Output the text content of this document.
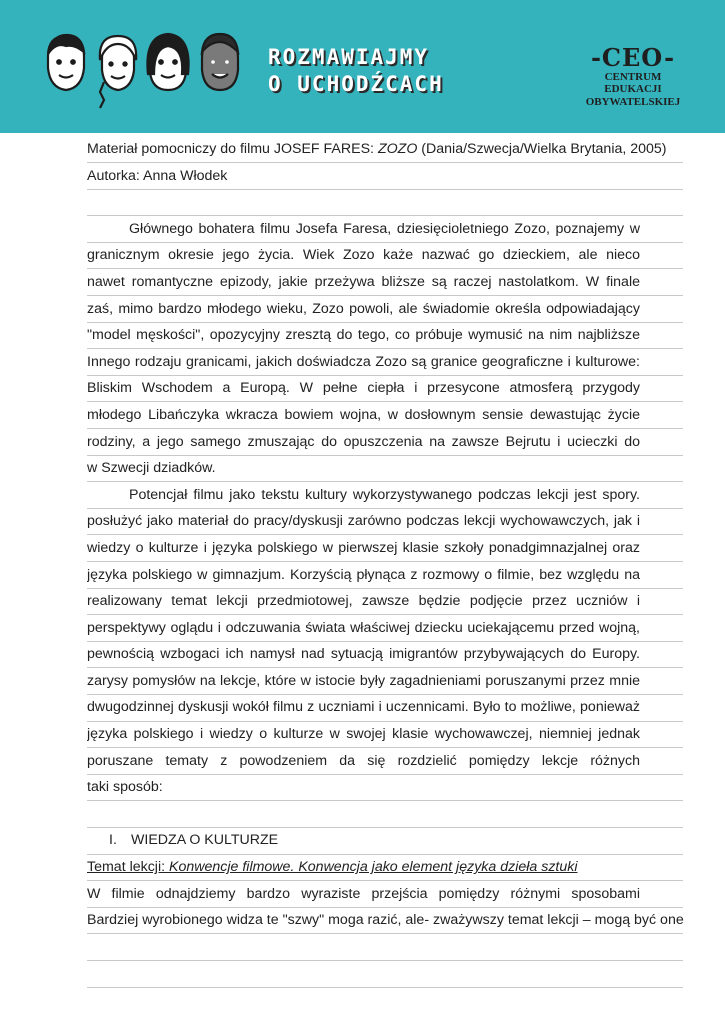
ROZMAWIAJMY
O UCHODŹCACH
-CEO-
CENTRUM EDUKACJI
OBYWATELSKIEJ
Materiał pomocniczy do filmu JOSEF FARES: ZOZO (Dania/Szwecja/Wielka Brytania, 2005)
Autorka: Anna Włodek
Głównego bohatera filmu Josefa Faresa, dziesięcioletniego Zozo, poznajemy w
granicznym okresie jego życia. Wiek Zozo każe nazwać go dzieckiem, ale nieco
nawet romantyczne epizody, jakie przeżywa bliższe są raczej nastolatkom. W finale
zaś, mimo bardzo młodego wieku, Zozo powoli, ale świadomie określa odpowiadający
"model męskości", opozycyjny zresztą do tego, co próbuje wymusić na nim najbliższe
Innego rodzaju granicami, jakich doświadcza Zozo są granice geograficzne i kulturowe:
Bliskim Wschodem a Europą. W pełne ciepła i przesycone atmosferą przygody
młodego Libańczyka wkracza bowiem wojna, w dosłownym sensie dewastując życie
rodziny, a jego samego zmuszając do opuszczenia na zawsze Bejrutu i ucieczki do
w Szwecji dziadków.
Potencjał filmu jako tekstu kultury wykorzystywanego podczas lekcji jest spory.
posłużyć jako materiał do pracy/dyskusji zarówno podczas lekcji wychowawczych, jak i
wiedzy o kulturze i języka polskiego w pierwszej klasie szkoły ponadgimnazjalnej oraz
języka polskiego w gimnazjum. Korzyścią płynąca z rozmowy o filmie, bez względu na
realizowany temat lekcji przedmiotowej, zawsze będzie podjęcie przez uczniów i
perspektywy oglądu i odczuwania świata właściwej dziecku uciekającemu przed wojną,
pewnością wzbogaci ich namysł nad sytuacją imigrantów przybywających do Europy.
zarysy pomysłów na lekcje, które w istocie były zagadnieniami poruszanymi przez mnie
dwugodzinnej dyskusji wokół filmu z uczniami i uczennicami. Było to możliwe, ponieważ
języka polskiego i wiedzy o kulturze w swojej klasie wychowawczej, niemniej jednak
poruszane tematy z powodzeniem da się rozdzielić pomiędzy lekcje różnych
taki sposób:
I. WIEDZA O KULTURZE
Temat lekcji: Konwencje filmowe. Konwencja jako element języka dzieła sztuki
W filmie odnajdziemy bardzo wyraziste przejścia pomiędzy różnymi sposobami
Bardziej wyrobionego widza te "szwy" moga razić, ale- zważywszy temat lekcji – mogą być one
